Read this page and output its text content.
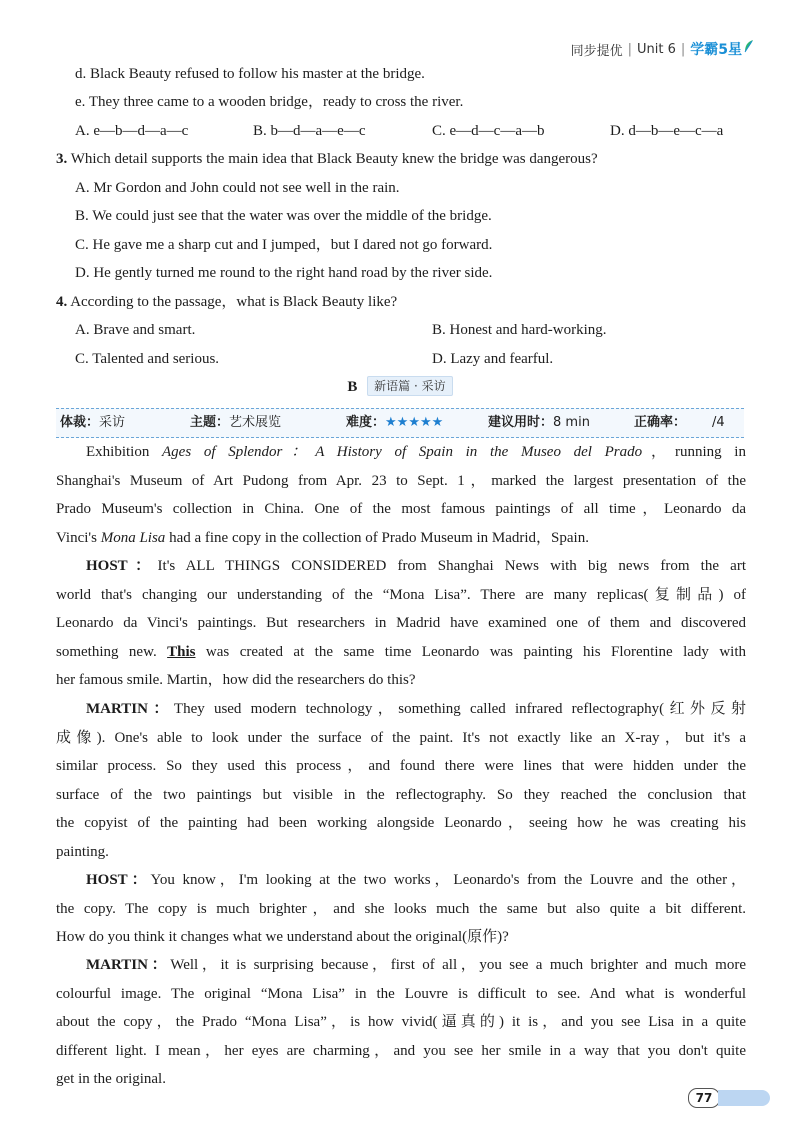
同步提优 | Unit 6 | 学霸5星
d. Black Beauty refused to follow his master at the bridge.
e. They three came to a wooden bridge，ready to cross the river.
A. e—b—d—a—c	B. b—d—a—e—c	C. e—d—c—a—b	D. d—b—e—c—a
3. Which detail supports the main idea that Black Beauty knew the bridge was dangerous?
A. Mr Gordon and John could not see well in the rain.
B. We could just see that the water was over the middle of the bridge.
C. He gave me a sharp cut and I jumped，but I dared not go forward.
D. He gently turned me round to the right hand road by the river side.
4. According to the passage，what is Black Beauty like?
A. Brave and smart.	B. Honest and hard-working.
C. Talented and serious.	D. Lazy and fearful.
B 新语篇 · 采访
体裁：采访	主题：艺术展览	难度：★★★★★	建议用时：8 min	正确率： /4
Exhibition Ages of Splendor：A History of Spain in the Museo del Prado，running in
Shanghai's Museum of Art Pudong from Apr. 23 to Sept. 1，marked the largest presentation of the
Prado Museum's collection in China. One of the most famous paintings of all time，Leonardo da
Vinci's Mona Lisa had a fine copy in the collection of Prado Museum in Madrid，Spain.
HOST：It's ALL THINGS CONSIDERED from Shanghai News with big news from the art
world that's changing our understanding of the “Mona Lisa”. There are many replicas(复制品) of
Leonardo da Vinci's paintings. But researchers in Madrid have examined one of them and discovered
something new. This was created at the same time Leonardo was painting his Florentine lady with
her famous smile. Martin，how did the researchers do this?
MARTIN：They used modern technology，something called infrared reflectography(红外反射
成像). One's able to look under the surface of the paint. It's not exactly like an X-ray，but it's a
similar process. So they used this process，and found there were lines that were hidden under the
surface of the two paintings but visible in the reflectography. So they reached the conclusion that
the copyist of the painting had been working alongside Leonardo，seeing how he was creating his
painting.
HOST：You know，I'm looking at the two works，Leonardo's from the Louvre and the other，
the copy. The copy is much brighter，and she looks much the same but also quite a bit different.
How do you think it changes what we understand about the original(原作)?
MARTIN：Well，it is surprising because，first of all，you see a much brighter and much more
colourful image. The original “Mona Lisa” in the Louvre is difficult to see. And what is wonderful
about the copy，the Prado “Mona Lisa”，is how vivid(逼真的) it is，and you see Lisa in a quite
different light. I mean，her eyes are charming，and you see her smile in a way that you don't quite
get in the original.
77
